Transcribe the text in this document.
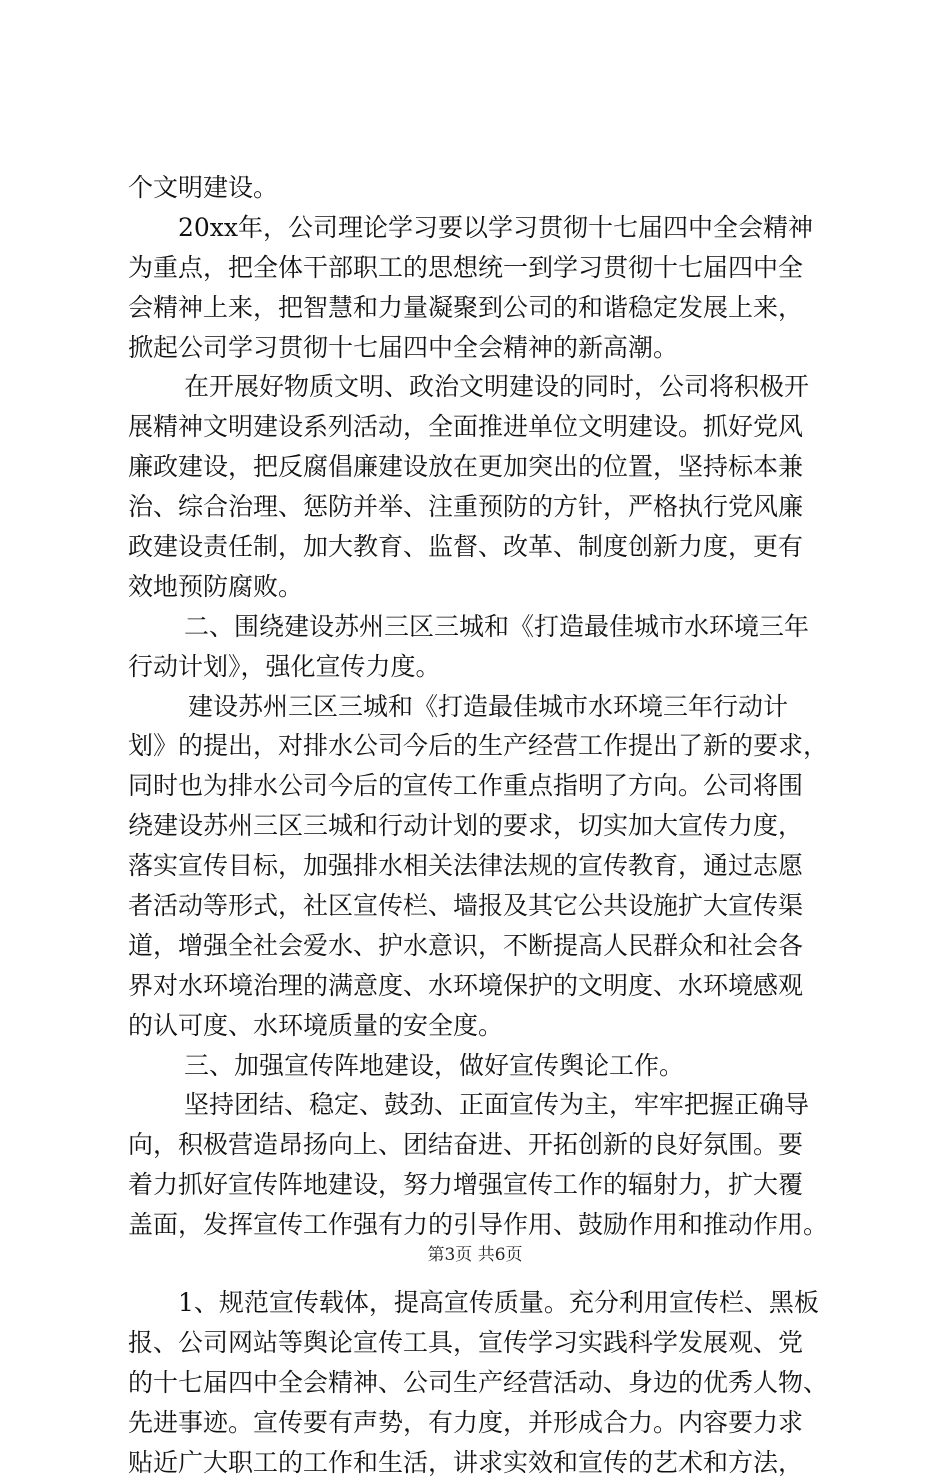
个文明建设。
20xx年，公司理论学习要以学习贯彻十七届四中全会精神
为重点，把全体干部职工的思想统一到学习贯彻十七届四中全
会精神上来，把智慧和力量凝聚到公司的和谐稳定发展上来，
掀起公司学习贯彻十七届四中全会精神的新高潮。
在开展好物质文明、政治文明建设的同时，公司将积极开
展精神文明建设系列活动，全面推进单位文明建设。抓好党风
廉政建设，把反腐倡廉建设放在更加突出的位置，坚持标本兼
治、综合治理、惩防并举、注重预防的方针，严格执行党风廉
政建设责任制，加大教育、监督、改革、制度创新力度，更有
效地预防腐败。
二、围绕建设苏州三区三城和《打造最佳城市水环境三年
行动计划》，强化宣传力度。
建设苏州三区三城和《打造最佳城市水环境三年行动计
划》的提出，对排水公司今后的生产经营工作提出了新的要求，
同时也为排水公司今后的宣传工作重点指明了方向。公司将围
绕建设苏州三区三城和行动计划的要求，切实加大宣传力度，
落实宣传目标，加强排水相关法律法规的宣传教育，通过志愿
者活动等形式，社区宣传栏、墙报及其它公共设施扩大宣传渠
道，增强全社会爱水、护水意识，不断提高人民群众和社会各
界对水环境治理的满意度、水环境保护的文明度、水环境感观
的认可度、水环境质量的安全度。
三、加强宣传阵地建设，做好宣传舆论工作。
坚持团结、稳定、鼓劲、正面宣传为主，牢牢把握正确导
向，积极营造昂扬向上、团结奋进、开拓创新的良好氛围。要
着力抓好宣传阵地建设，努力增强宣传工作的辐射力，扩大覆
盖面，发挥宣传工作强有力的引导作用、鼓励作用和推动作用。
1、规范宣传载体，提高宣传质量。充分利用宣传栏、黑板
报、公司网站等舆论宣传工具，宣传学习实践科学发展观、党
的十七届四中全会精神、公司生产经营活动、身边的优秀人物、
先进事迹。宣传要有声势，有力度，并形成合力。内容要力求
贴近广大职工的工作和生活，讲求实效和宣传的艺术和方法，
第3页 共6页
